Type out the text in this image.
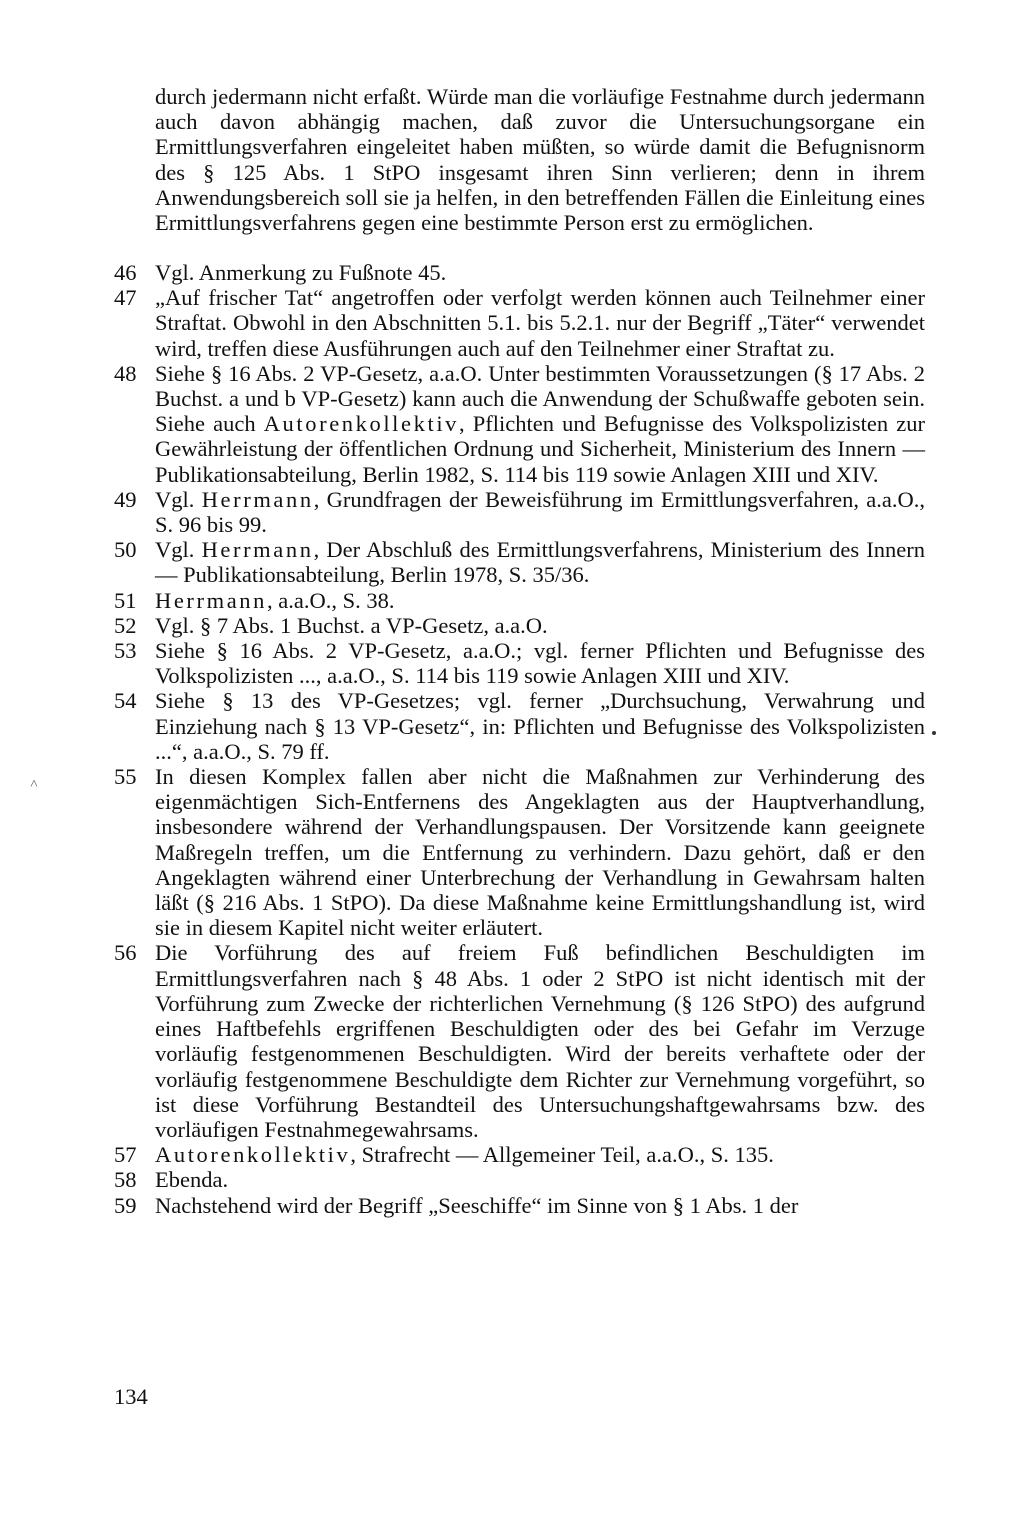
durch jedermann nicht erfaßt. Würde man die vorläufige Festnahme durch jedermann auch davon abhängig machen, daß zuvor die Untersuchungsorgane ein Ermittlungsverfahren eingeleitet haben müßten, so würde damit die Befugnisnorm des § 125 Abs. 1 StPO insgesamt ihren Sinn verlieren; denn in ihrem Anwendungsbereich soll sie ja helfen, in den betreffenden Fällen die Einleitung eines Ermittlungsverfahrens gegen eine bestimmte Person erst zu ermöglichen.
46 Vgl. Anmerkung zu Fußnote 45.
47 „Auf frischer Tat“ angetroffen oder verfolgt werden können auch Teilnehmer einer Straftat. Obwohl in den Abschnitten 5.1. bis 5.2.1. nur der Begriff „Täter“ verwendet wird, treffen diese Ausführungen auch auf den Teilnehmer einer Straftat zu.
48 Siehe § 16 Abs. 2 VP-Gesetz, a.a.O. Unter bestimmten Voraussetzungen (§ 17 Abs. 2 Buchst. a und b VP-Gesetz) kann auch die Anwendung der Schußwaffe geboten sein. Siehe auch Autorenkollektiv, Pflichten und Befugnisse des Volkspolizisten zur Gewährleistung der öffentlichen Ordnung und Sicherheit, Ministerium des Innern — Publikationsabteilung, Berlin 1982, S. 114 bis 119 sowie Anlagen XIII und XIV.
49 Vgl. Herrmann, Grundfragen der Beweisführung im Ermittlungsverfahren, a.a.O., S. 96 bis 99.
50 Vgl. Herrmann, Der Abschluß des Ermittlungsverfahrens, Ministerium des Innern — Publikationsabteilung, Berlin 1978, S. 35/36.
51 Herrmann, a.a.O., S. 38.
52 Vgl. § 7 Abs. 1 Buchst. a VP-Gesetz, a.a.O.
53 Siehe § 16 Abs. 2 VP-Gesetz, a.a.O.; vgl. ferner Pflichten und Befugnisse des Volkspolizisten ..., a.a.O., S. 114 bis 119 sowie Anlagen XIII und XIV.
54 Siehe § 13 des VP-Gesetzes; vgl. ferner „Durchsuchung, Verwahrung und Einziehung nach § 13 VP-Gesetz“, in: Pflichten und Befugnisse des Volkspolizisten ...“, a.a.O., S. 79 ff.
55 In diesen Komplex fallen aber nicht die Maßnahmen zur Verhinderung des eigenmächtigen Sich-Entfernens des Angeklagten aus der Hauptverhandlung, insbesondere während der Verhandlungspausen. Der Vorsitzende kann geeignete Maßregeln treffen, um die Entfernung zu verhindern. Dazu gehört, daß er den Angeklagten während einer Unterbrechung der Verhandlung in Gewahrsam halten läßt (§ 216 Abs. 1 StPO). Da diese Maßnahme keine Ermittlungshandlung ist, wird sie in diesem Kapitel nicht weiter erläutert.
56 Die Vorführung des auf freiem Fuß befindlichen Beschuldigten im Ermittlungsverfahren nach § 48 Abs. 1 oder 2 StPO ist nicht identisch mit der Vorführung zum Zwecke der richterlichen Vernehmung (§ 126 StPO) des aufgrund eines Haftbefehls ergriffenen Beschuldigten oder des bei Gefahr im Verzuge vorläufig festgenommenen Beschuldigten. Wird der bereits verhaftete oder der vorläufig festgenommene Beschuldigte dem Richter zur Vernehmung vorgeführt, so ist diese Vorführung Bestandteil des Untersuchungshaftgewahrsams bzw. des vorläufigen Festnahmegewahrsams.
57 Autorenkollektiv, Strafrecht — Allgemeiner Teil, a.a.O., S. 135.
58 Ebenda.
59 Nachstehend wird der Begriff „Seeschiffe“ im Sinne von § 1 Abs. 1 der
134
˄
